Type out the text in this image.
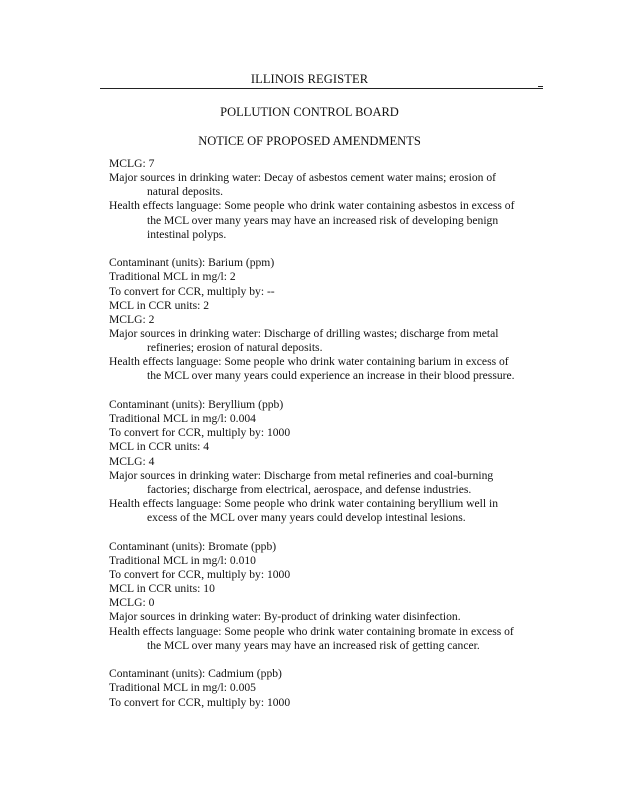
ILLINOIS REGISTER
POLLUTION CONTROL BOARD
NOTICE OF PROPOSED AMENDMENTS
MCLG: 7
Major sources in drinking water: Decay of asbestos cement water mains; erosion of
natural deposits.
Health effects language: Some people who drink water containing asbestos in excess of
the MCL over many years may have an increased risk of developing benign
intestinal polyps.
Contaminant (units): Barium (ppm)
Traditional MCL in mg/l: 2
To convert for CCR, multiply by: --
MCL in CCR units: 2
MCLG: 2
Major sources in drinking water: Discharge of drilling wastes; discharge from metal
refineries; erosion of natural deposits.
Health effects language: Some people who drink water containing barium in excess of
the MCL over many years could experience an increase in their blood pressure.
Contaminant (units): Beryllium (ppb)
Traditional MCL in mg/l: 0.004
To convert for CCR, multiply by: 1000
MCL in CCR units: 4
MCLG: 4
Major sources in drinking water: Discharge from metal refineries and coal-burning
factories; discharge from electrical, aerospace, and defense industries.
Health effects language: Some people who drink water containing beryllium well in
excess of the MCL over many years could develop intestinal lesions.
Contaminant (units): Bromate (ppb)
Traditional MCL in mg/l: 0.010
To convert for CCR, multiply by: 1000
MCL in CCR units: 10
MCLG: 0
Major sources in drinking water: By-product of drinking water disinfection.
Health effects language: Some people who drink water containing bromate in excess of
the MCL over many years may have an increased risk of getting cancer.
Contaminant (units): Cadmium (ppb)
Traditional MCL in mg/l: 0.005
To convert for CCR, multiply by: 1000
